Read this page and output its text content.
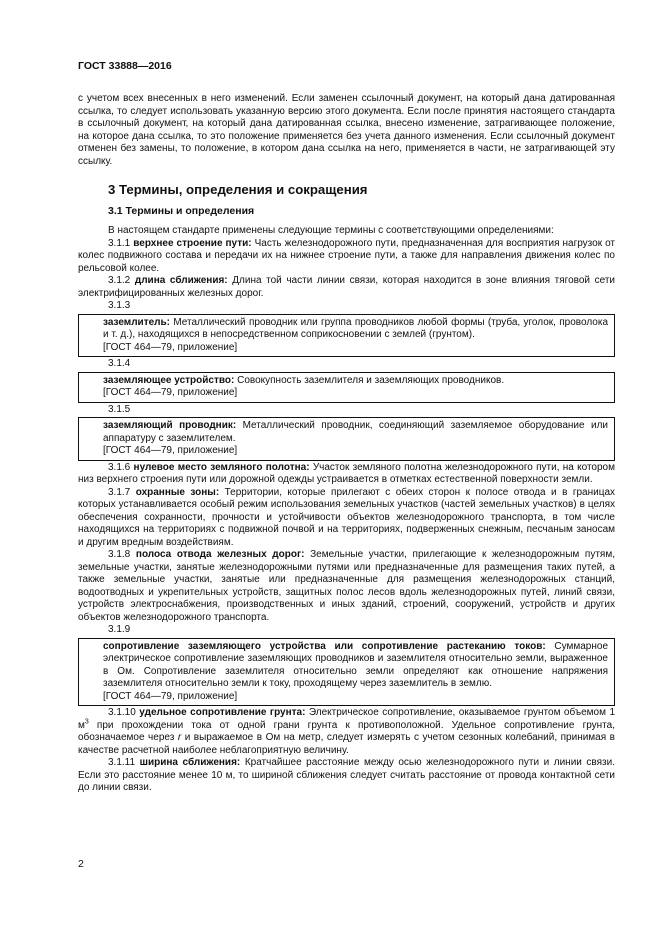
ГОСТ 33888—2016

с учетом всех внесенных в него изменений. Если заменен ссылочный документ, на который дана датированная ссылка, то следует использовать указанную версию этого документа. Если после принятия настоящего стандарта в ссылочный документ, на который дана датированная ссылка, внесено изменение, затрагивающее положение, на которое дана ссылка, то это положение применяется без учета данного изменения. Если ссылочный документ отменен без замены, то положение, в котором дана ссылка на него, применяется в части, не затрагивающей эту ссылку.

3 Термины, определения и сокращения
3.1 Термины и определения

В настоящем стандарте применены следующие термины с соответствующими определениями:

3.1.1 верхнее строение пути: Часть железнодорожного пути, предназначенная для восприятия нагрузок от колес подвижного состава и передачи их на нижнее строение пути, а также для направления движения колес по рельсовой колее.

3.1.2 длина сближения: Длина той части линии связи, которая находится в зоне влияния тяговой сети электрифицированных железных дорог.

3.1.3

заземлитель: Металлический проводник или группа проводников любой формы (труба, уголок, проволока и т. д.), находящихся в непосредственном соприкосновении с землей (грунтом).

[ГОСТ 464—79, приложение]

3.1.4

заземляющее устройство: Совокупность заземлителя и заземляющих проводников.

[ГОСТ 464—79, приложение]

3.1.5

заземляющий проводник: Металлический проводник, соединяющий заземляемое оборудование или аппаратуру с заземлителем.

[ГОСТ 464—79, приложение]

3.1.6 нулевое место земляного полотна: Участок земляного полотна железнодорожного пути, на котором низ верхнего строения пути или дорожной одежды устраивается в отметках естественной поверхности земли.

3.1.7 охранные зоны: Территории, которые прилегают с обеих сторон к полосе отвода и в границах которых устанавливается особый режим использования земельных участков (частей земельных участков) в целях обеспечения сохранности, прочности и устойчивости объектов железнодорожного транспорта, в том числе находящихся на территориях с подвижной почвой и на территориях, подверженных снежным, песчаным заносам и другим вредным воздействиям.

3.1.8 полоса отвода железных дорог: Земельные участки, прилегающие к железнодорожным путям, земельные участки, занятые железнодорожными путями или предназначенные для размещения таких путей, а также земельные участки, занятые или предназначенные для размещения железнодорожных станций, водоотводных и укрепительных устройств, защитных полос лесов вдоль железнодорожных путей, линий связи, устройств электроснабжения, производственных и иных зданий, строений, сооружений, устройств и других объектов железнодорожного транспорта.

3.1.9

сопротивление заземляющего устройства или сопротивление растеканию токов: Суммарное электрическое сопротивление заземляющих проводников и заземлителя относительно земли, выраженное в Ом. Сопротивление заземлителя относительно земли определяют как отношение напряжения заземлителя относительно земли к току, проходящему через заземлитель в землю.

[ГОСТ 464—79, приложение]

3.1.10 удельное сопротивление грунта: Электрическое сопротивление, оказываемое грунтом объемом 1 $м^3$ при прохождении тока от одной грани грунта к противоположной. Удельное сопротивление грунта, обозначаемое через r и выражаемое в Ом на метр, следует измерять с учетом сезонных колебаний, принимая в качестве расчетной наиболее неблагоприятную величину.

3.1.11 ширина сближения: Кратчайшее расстояние между осью железнодорожного пути и линии связи. Если это расстояние менее 10 м, то шириной сближения следует считать расстояние от провода контактной сети до линии связи.

2
